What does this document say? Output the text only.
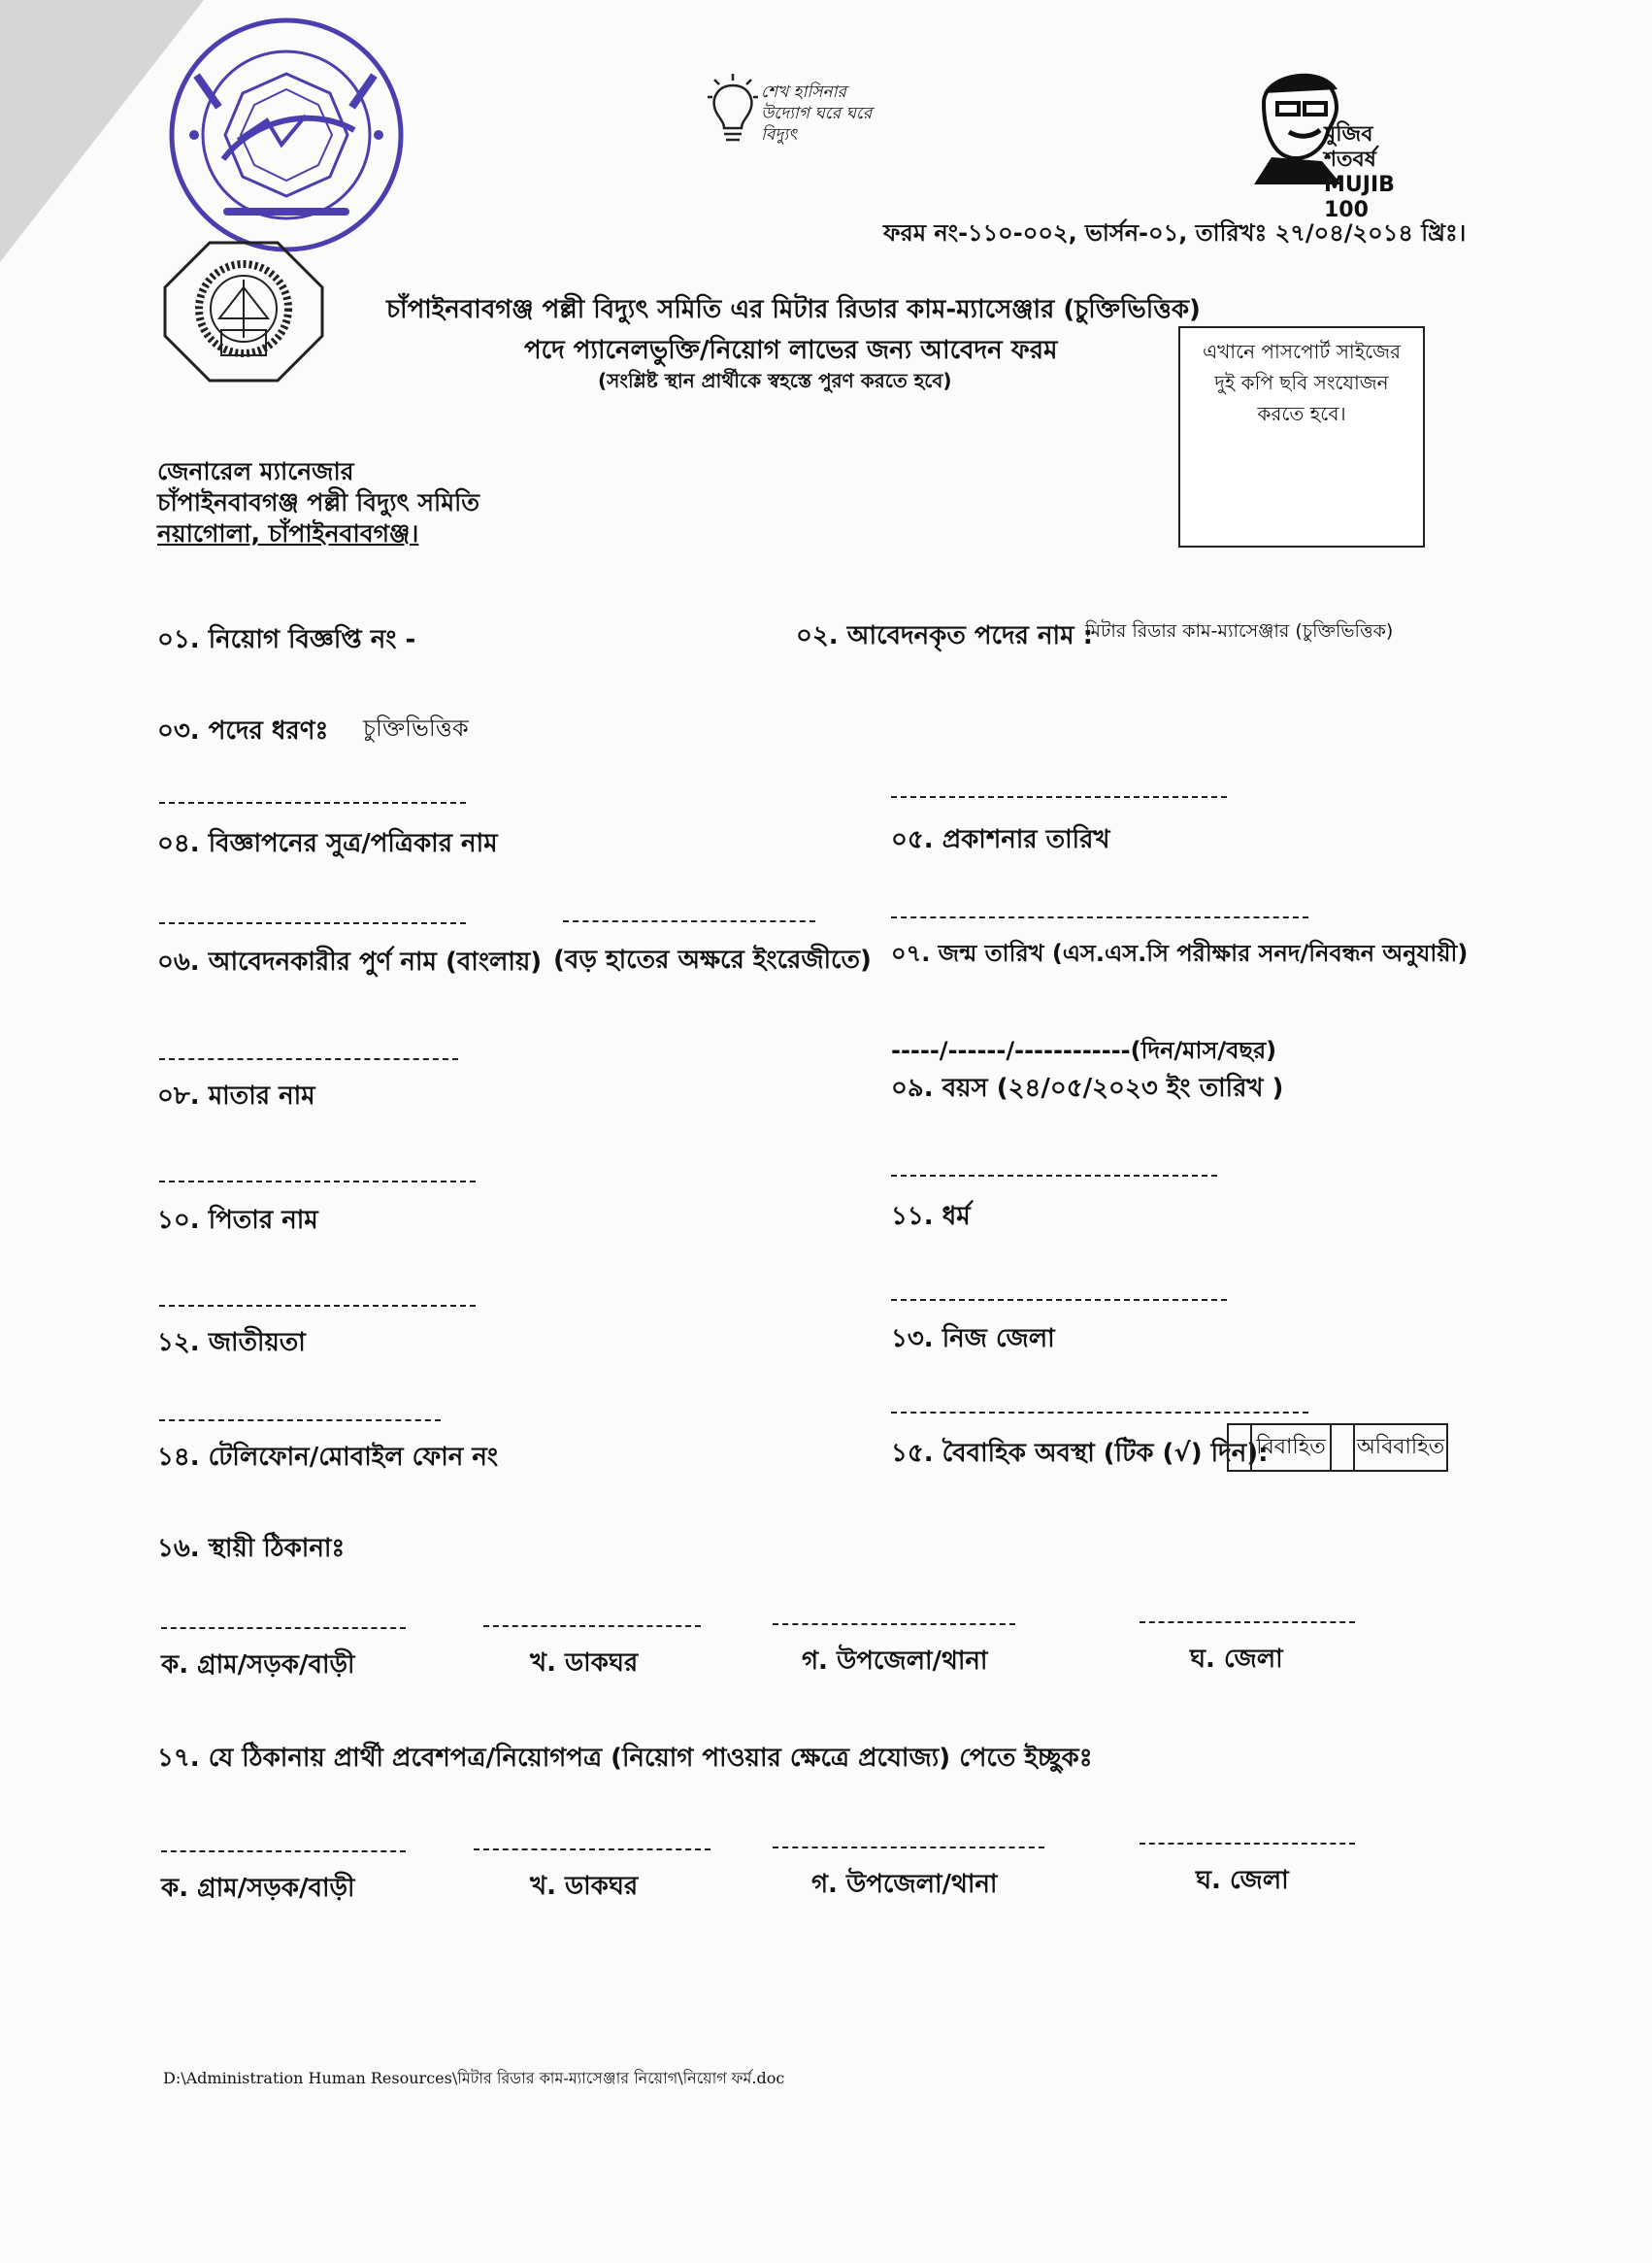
শেখ হাসিনার উদ্যোগ ঘরে ঘরে বিদ্যুৎ	মুজিব শতবর্ষ MUJIB 100
ফরম নং-১১০-০০২, ভার্সন-০১, তারিখঃ ২৭/০৪/২০১৪ খ্রিঃ।
চাঁপাইনবাবগঞ্জ পল্লী বিদ্যুৎ সমিতি এর মিটার রিডার কাম-ম্যাসেঞ্জার (চুক্তিভিত্তিক)
পদে প্যানেলভুক্তি/নিয়োগ লাভের জন্য আবেদন ফরম
(সংশ্লিষ্ট স্থান প্রার্থীকে স্বহস্তে পুরণ করতে হবে)
এখানে পাসপোর্ট সাইজের
দুই কপি ছবি সংযোজন
করতে হবে।
জেনারেল ম্যানেজার
চাঁপাইনবাবগঞ্জ পল্লী বিদ্যুৎ সমিতি
নয়াগোলা, চাঁপাইনবাবগঞ্জ।
০১. নিয়োগ বিজ্ঞপ্তি নং -	০২. আবেদনকৃত পদের নাম :
মিটার রিডার কাম-ম্যাসেঞ্জার (চুক্তিভিত্তিক)
০৩. পদের ধরণঃ চুক্তিভিত্তিক
০৪. বিজ্ঞাপনের সুত্র/পত্রিকার নাম	০৫. প্রকাশনার তারিখ
০৬. আবেদনকারীর পুর্ণ নাম (বাংলায়) (বড় হাতের অক্ষরে ইংরেজীতে) ০৭. জন্ম তারিখ (এস.এস.সি পরীক্ষার সনদ/নিবন্ধন অনুযায়ী)
-----/------/------------(দিন/মাস/বছর)
০৮. মাতার নাম	০৯. বয়স (২৪/০৫/২০২৩ ইং তারিখ )
১০. পিতার নাম	১১. ধর্ম
১২. জাতীয়তা	১৩. নিজ জেলা
১৪. টেলিফোন/মোবাইল ফোন নং	১৫. বৈবাহিক অবস্থা (টিক (√) দিন):
বিবাহিত অবিবাহিত
১৬. স্থায়ী ঠিকানাঃ
ক. গ্রাম/সড়ক/বাড়ী	খ. ডাকঘর	গ. উপজেলা/থানা	ঘ. জেলা
১৭. যে ঠিকানায় প্রার্থী প্রবেশপত্র/নিয়োগপত্র (নিয়োগ পাওয়ার ক্ষেত্রে প্রযোজ্য) পেতে ইচ্ছুকঃ
ক. গ্রাম/সড়ক/বাড়ী	খ. ডাকঘর	গ. উপজেলা/থানা	ঘ. জেলা
D:\Administration Human Resources\মিটার রিডার কাম-ম্যাসেঞ্জার নিয়োগ\নিয়োগ ফর্ম.doc
